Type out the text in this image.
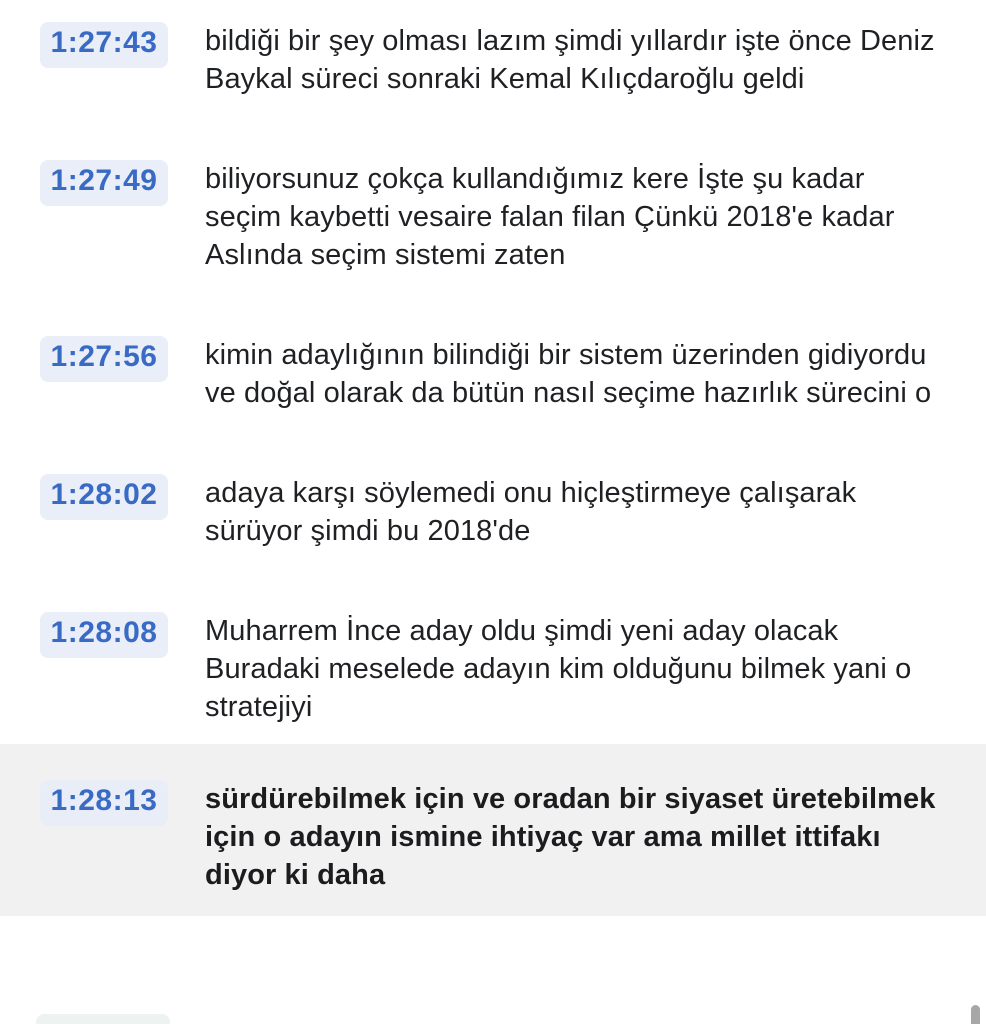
1:27:43	bildiği bir şey olması lazım şimdi yıllardır işte önce Deniz Baykal süreci sonraki Kemal Kılıçdaroğlu geldi
1:27:49	biliyorsunuz çokça kullandığımız kere İşte şu kadar seçim kaybetti vesaire falan filan Çünkü 2018'e kadar Aslında seçim sistemi zaten
1:27:56	kimin adaylığının bilindiği bir sistem üzerinden gidiyordu ve doğal olarak da bütün nasıl seçime hazırlık sürecini o
1:28:02	adaya karşı söylemedi onu hiçleştirmeye çalışarak sürüyor şimdi bu 2018'de
1:28:08	Muharrem İnce aday oldu şimdi yeni aday olacak Buradaki meselede adayın kim olduğunu bilmek yani o stratejiyi
1:28:13	sürdürebilmek için ve oradan bir siyaset üretebilmek için o adayın ismine ihtiyaç var ama millet ittifakı diyor ki daha
